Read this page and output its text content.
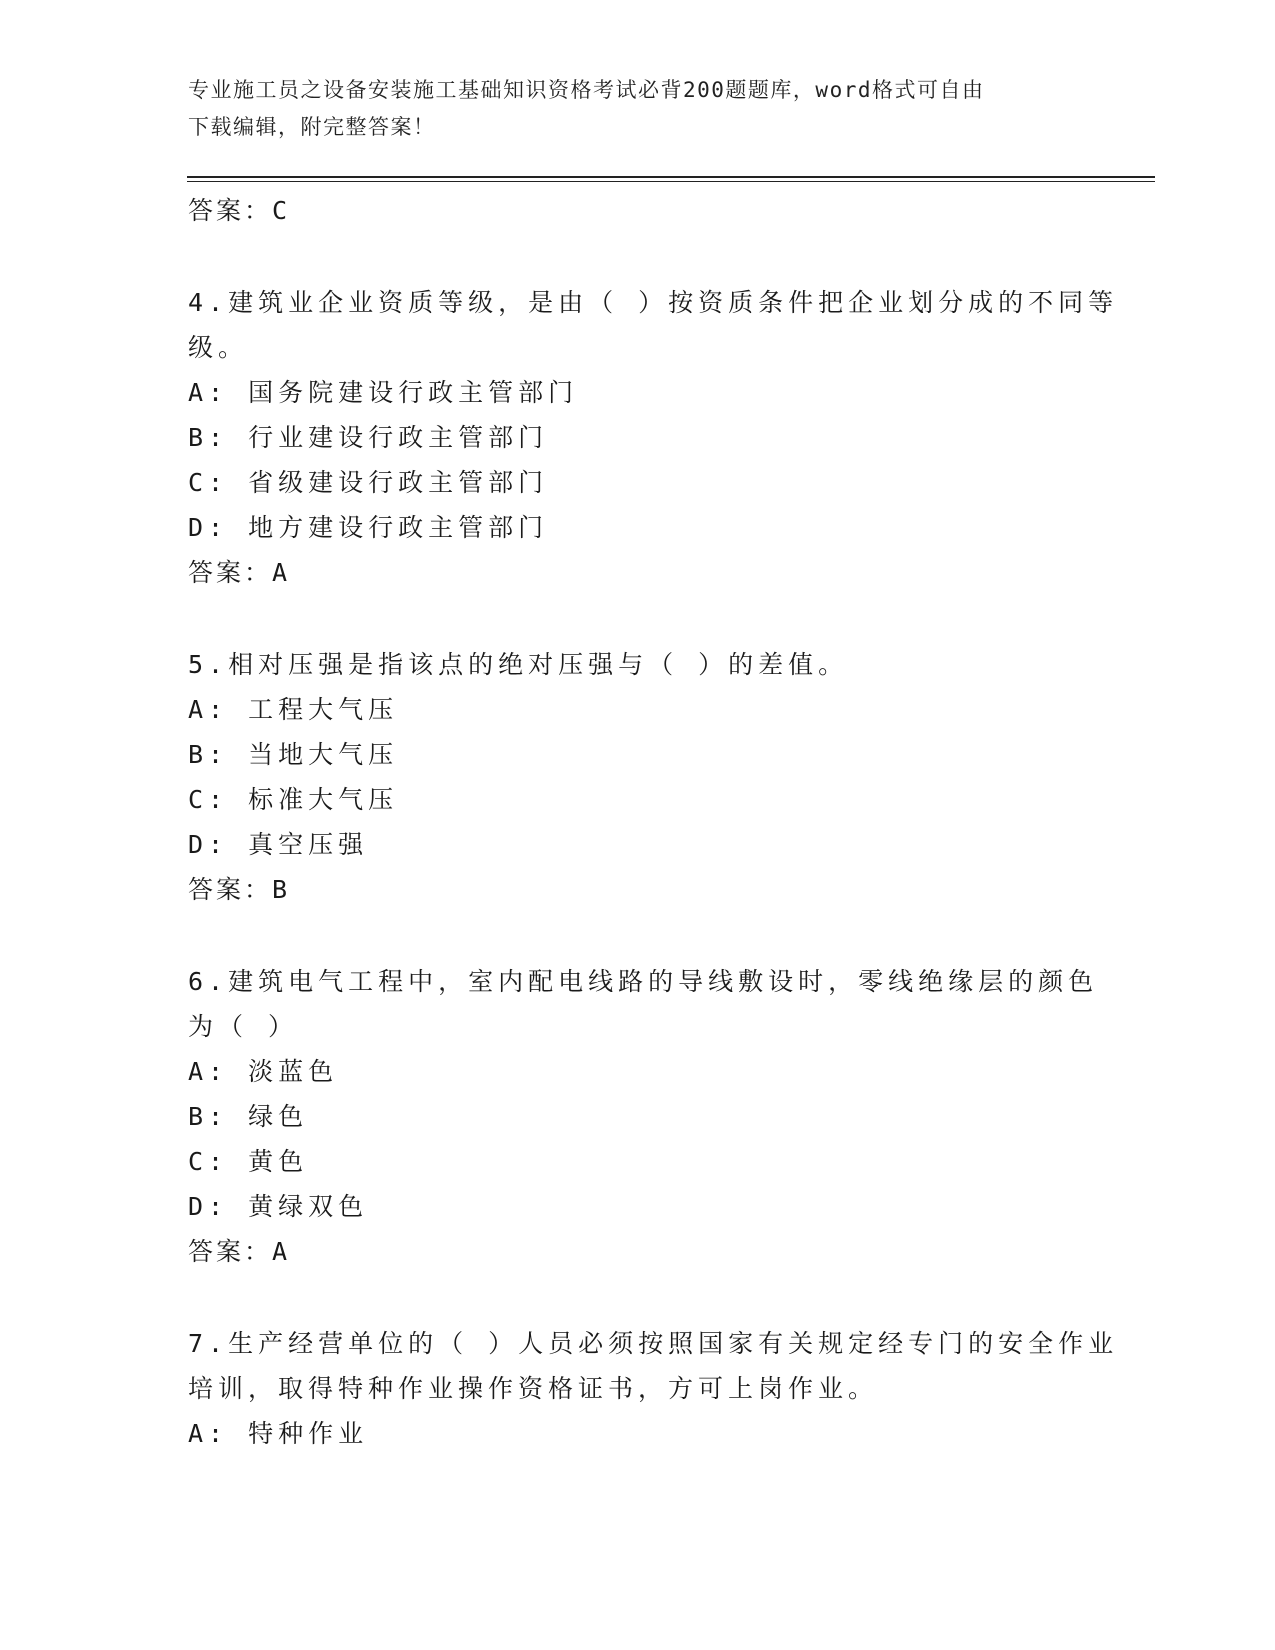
专业施工员之设备安装施工基础知识资格考试必背200题题库，word格式可自由
下载编辑，附完整答案！
答案：C
4.建筑业企业资质等级，是由（ ）按资质条件把企业划分成的不同等
级。
A: 国务院建设行政主管部门
B: 行业建设行政主管部门
C: 省级建设行政主管部门
D: 地方建设行政主管部门
答案：A
5.相对压强是指该点的绝对压强与（ ）的差值。
A: 工程大气压
B: 当地大气压
C: 标准大气压
D: 真空压强
答案：B
6.建筑电气工程中，室内配电线路的导线敷设时，零线绝缘层的颜色
为（ ）
A: 淡蓝色
B: 绿色
C: 黄色
D: 黄绿双色
答案：A
7.生产经营单位的（ ）人员必须按照国家有关规定经专门的安全作业
培训，取得特种作业操作资格证书，方可上岗作业。
A: 特种作业
